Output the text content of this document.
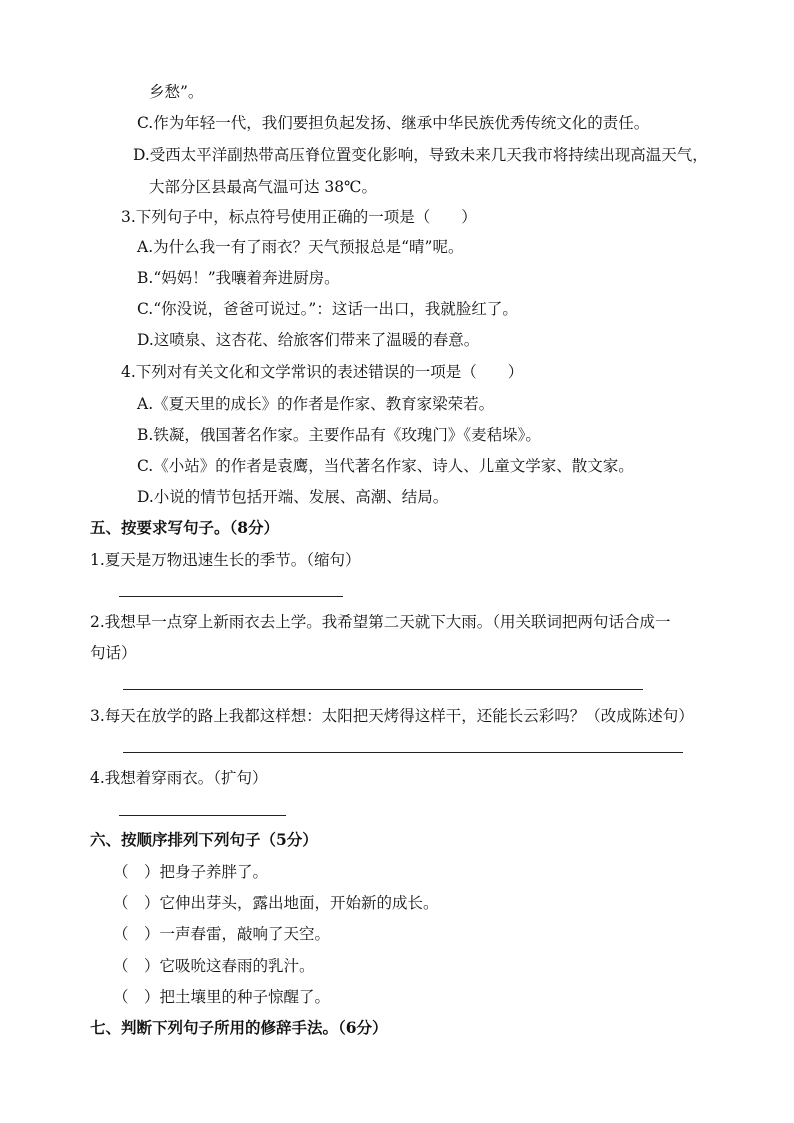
乡愁”。
C.作为年轻一代，我们要担负起发扬、继承中华民族优秀传统文化的责任。
D.受西太平洋副热带高压脊位置变化影响，导致未来几天我市将持续出现高温天气，
大部分区县最高气温可达 38℃。
3.下列句子中，标点符号使用正确的一项是（　　）
A.为什么我一有了雨衣？天气预报总是“晴”呢。
B.“妈妈！”我嚷着奔进厨房。
C.“你没说，爸爸可说过。”：这话一出口，我就脸红了。
D.这喷泉、这杏花、给旅客们带来了温暖的春意。
4.下列对有关文化和文学常识的表述错误的一项是（　　）
A.《夏天里的成长》的作者是作家、教育家梁荣若。
B.铁凝，俄国著名作家。主要作品有《玫瑰门》《麦秸垛》。
C.《小站》的作者是袁鹰，当代著名作家、诗人、儿童文学家、散文家。
D.小说的情节包括开端、发展、高潮、结局。
五、按要求写句子。（8分）
1.夏天是万物迅速生长的季节。（缩句）
2.我想早一点穿上新雨衣去上学。我希望第二天就下大雨。（用关联词把两句话合成一
句话）
3.每天在放学的路上我都这样想：太阳把天烤得这样干，还能长云彩吗？（改成陈述句）
4.我想着穿雨衣。（扩句）
六、按顺序排列下列句子（5分）
（　）把身子养胖了。
（　）它伸出芽头，露出地面，开始新的成长。
（　）一声春雷，敲响了天空。
（　）它吸吮这春雨的乳汁。
（　）把土壤里的种子惊醒了。
七、判断下列句子所用的修辞手法。（6分）
